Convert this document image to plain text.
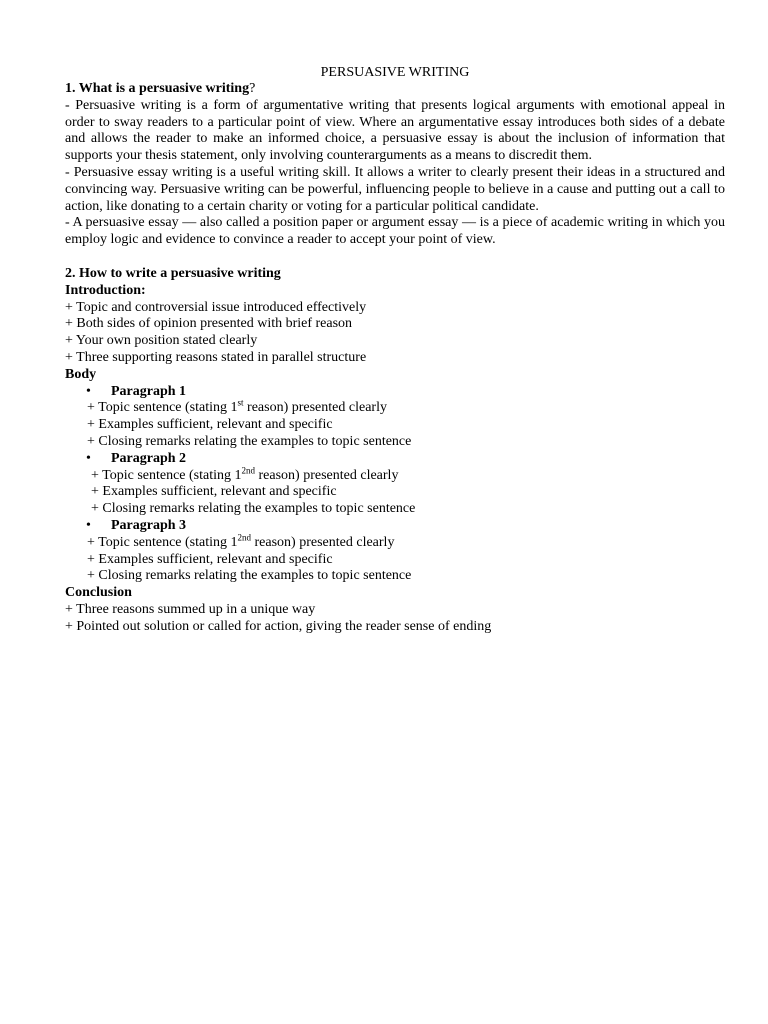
PERSUASIVE WRITING

1. What is a persuasive writing?

- Persuasive writing is a form of argumentative writing that presents logical arguments with emotional appeal in order to sway readers to a particular point of view. Where an argumentative essay introduces both sides of a debate and allows the reader to make an informed choice, a persuasive essay is about the inclusion of information that supports your thesis statement, only involving counterarguments as a means to discredit them.

- Persuasive essay writing is a useful writing skill. It allows a writer to clearly present their ideas in a structured and convincing way. Persuasive writing can be powerful, influencing people to believe in a cause and putting out a call to action, like donating to a certain charity or voting for a particular political candidate.

- A persuasive essay — also called a position paper or argument essay — is a piece of academic writing in which you employ logic and evidence to convince a reader to accept your point of view.

2. How to write a persuasive writing

Introduction:

+ Topic and controversial issue introduced effectively

+ Both sides of opinion presented with brief reason

+ Your own position stated clearly

+ Three supporting reasons stated in parallel structure

Body

• Paragraph 1

+ Topic sentence (stating 1st reason) presented clearly

+ Examples sufficient, relevant and specific

+ Closing remarks relating the examples to topic sentence

• Paragraph 2

+ Topic sentence (stating $1^{2nd}$ reason) presented clearly

+ Examples sufficient, relevant and specific

+ Closing remarks relating the examples to topic sentence

• Paragraph 3

+ Topic sentence (stating $1^{2nd}$ reason) presented clearly

+ Examples sufficient, relevant and specific

+ Closing remarks relating the examples to topic sentence

Conclusion

+ Three reasons summed up in a unique way

+ Pointed out solution or called for action, giving the reader sense of ending
